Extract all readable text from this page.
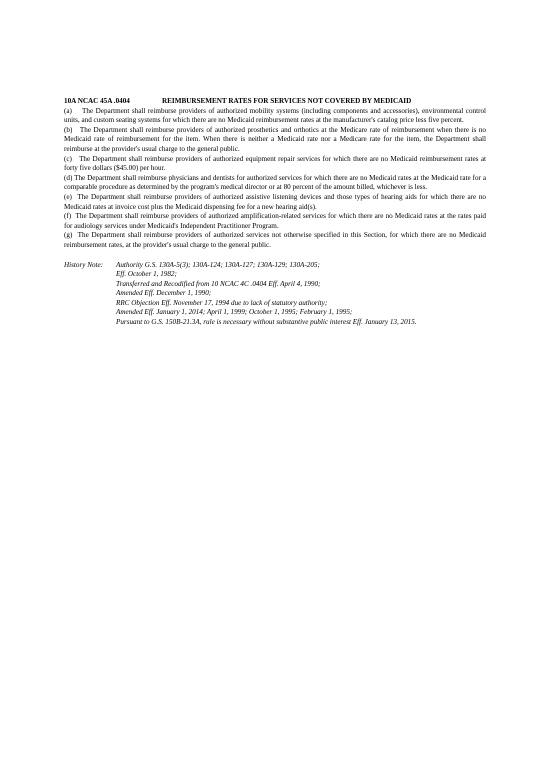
10A NCAC 45A .0404	REIMBURSEMENT RATES FOR SERVICES NOT COVERED BY MEDICAID

(a)    The Department shall reimburse providers of authorized mobility systems (including components and accessories), environmental control units, and custom seating systems for which there are no Medicaid reimbursement rates at the manufacturer's catalog price less five percent.

(b)   The Department shall reimburse providers of authorized prosthetics and orthotics at the Medicare rate of reimbursement when there is no Medicaid rate of reimbursement for the item. When there is neither a Medicaid rate nor a Medicare rate for the item, the Department shall reimburse at the provider's usual charge to the general public.

(c)   The Department shall reimburse providers of authorized equipment repair services for which there are no Medicaid reimbursement rates at forty five dollars ($45.00) per hour.

(d) The Department shall reimburse physicians and dentists for authorized services for which there are no Medicaid rates at the Medicaid rate for a comparable procedure as determined by the program's medical director or at 80 percent of the amount billed, whichever is less.

(e)  The Department shall reimburse providers of authorized assistive listening devices and those types of hearing aids for which there are no Medicaid rates at invoice cost plus the Medicaid dispensing fee for a new hearing aid(s).

(f)  The Department shall reimburse providers of authorized amplification-related services for which there are no Medicaid rates at the rates paid for audiology services under Medicaid's Independent Practitioner Program.

(g)  The Department shall reimburse providers of authorized services not otherwise specified in this Section, for which there are no Medicaid reimbursement rates, at the provider's usual charge to the general public.

History Note:	Authority G.S. 130A-5(3); 130A-124; 130A-127; 130A-129; 130A-205;

Eff. October 1, 1982;

Transferred and Recodified from 10 NCAC 4C .0404 Eff. April 4, 1990;

Amended Eff. December 1, 1990;

RRC Objection Eff. November 17, 1994 due to lack of statutory authority;

Amended Eff. January 1, 2014; April 1, 1999; October 1, 1995; February 1, 1995;

Pursuant to G.S. 150B-21.3A, rule is necessary without substantive public interest Eff. January 13, 2015.
